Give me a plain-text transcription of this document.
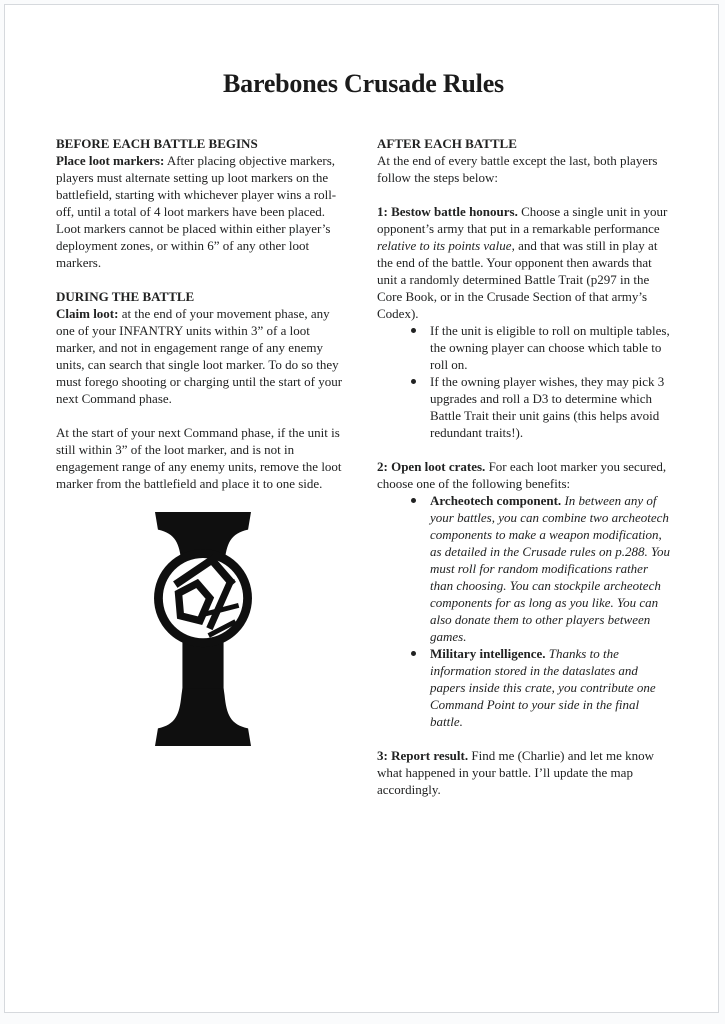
Barebones Crusade Rules
BEFORE EACH BATTLE BEGINS

Place loot markers: After placing objective markers, players must alternate setting up loot markers on the battlefield, starting with whichever player wins a roll-off, until a total of 4 loot markers have been placed. Loot markers cannot be placed within either player’s deployment zones, or within 6” of any other loot markers.

DURING THE BATTLE

Claim loot: at the end of your movement phase, any one of your INFANTRY units within 3” of a loot marker, and not in engagement range of any enemy units, can search that single loot marker. To do so they must forego shooting or charging until the start of your next Command phase.

At the start of your next Command phase, if the unit is still within 3” of the loot marker, and is not in engagement range of any enemy units, remove the loot marker from the battlefield and place it to one side.

AFTER EACH BATTLE

At the end of every battle except the last, both players follow the steps below:

1: Bestow battle honours. Choose a single unit in your opponent’s army that put in a remarkable performance relative to its points value, and that was still in play at the end of the battle. Your opponent then awards that unit a randomly determined Battle Trait (p297 in the Core Book, or in the Crusade Section of that army’s Codex).

If the unit is eligible to roll on multiple tables, the owning player can choose which table to roll on.
If the owning player wishes, they may pick 3 upgrades and roll a D3 to determine which Battle Trait their unit gains (this helps avoid redundant traits!).

2: Open loot crates. For each loot marker you secured, choose one of the following benefits:

Archeotech component. In between any of your battles, you can combine two archeotech components to make a weapon modification, as detailed in the Crusade rules on p.288. You must roll for random modifications rather than choosing. You can stockpile archeotech components for as long as you like. You can also donate them to other players between games.
Military intelligence. Thanks to the information stored in the dataslates and papers inside this crate, you contribute one Command Point to your side in the final battle.

3: Report result. Find me (Charlie) and let me know what happened in your battle. I’ll update the map accordingly.
